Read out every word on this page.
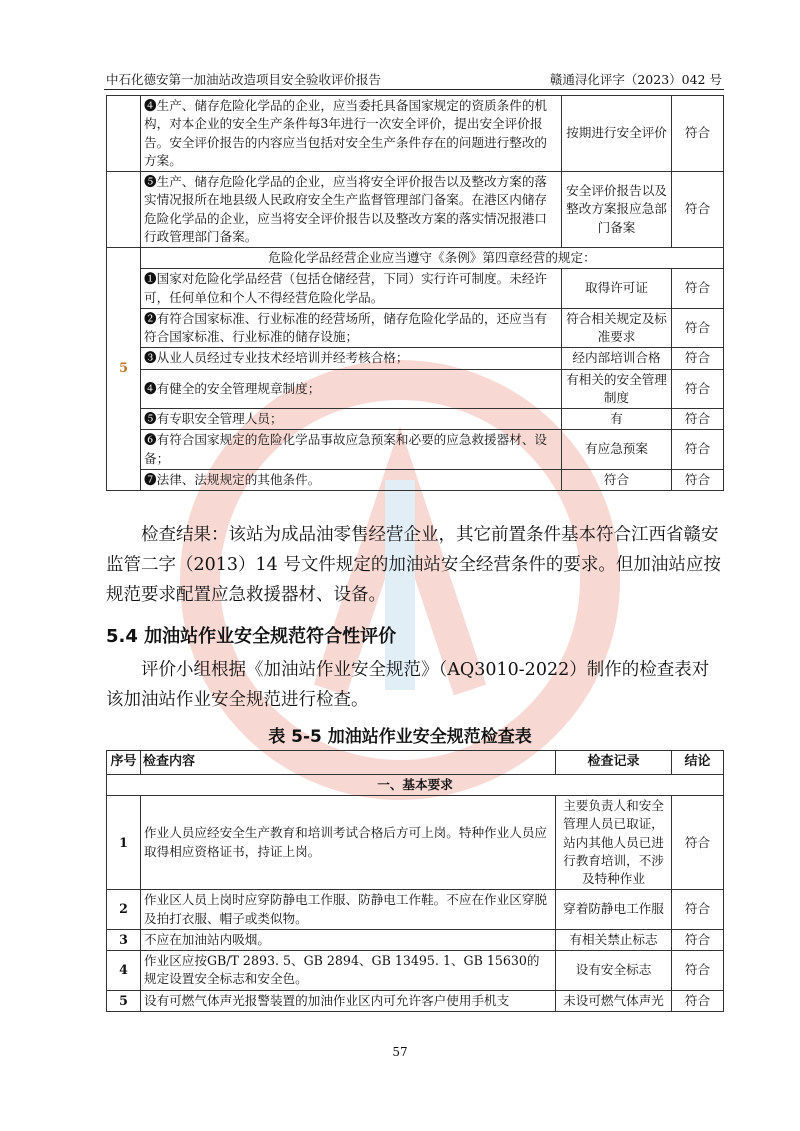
中石化德安第一加油站改造项目安全验收评价报告	赣通浔化评字（2023）042 号
	❹生产、储存危险化学品的企业，应当委托具备国家规定的资质条件的机构，对本企业的安全生产条件每3年进行一次安全评价，提出安全评价报告。安全评价报告的内容应当包括对安全生产条件存在的问题进行整改的方案。	按期进行安全评价	符合
	❺生产、储存危险化学品的企业，应当将安全评价报告以及整改方案的落实情况报所在地县级人民政府安全生产监督管理部门备案。在港区内储存危险化学品的企业，应当将安全评价报告以及整改方案的落实情况报港口行政管理部门备案。	安全评价报告以及整改方案报应急部门备案	符合
5	危险化学品经营企业应当遵守《条例》第四章经营的规定：		
	❶国家对危险化学品经营（包括仓储经营，下同）实行许可制度。未经许可，任何单位和个人不得经营危险化学品。	取得许可证	符合
	❷有符合国家标准、行业标准的经营场所，储存危险化学品的，还应当有符合国家标准、行业标准的储存设施；	符合相关规定及标准要求	符合
	❸从业人员经过专业技术经培训并经考核合格；	经内部培训合格	符合
	❹有健全的安全管理规章制度；	有相关的安全管理制度	符合
	❺有专职安全管理人员；	有	符合
	❻有符合国家规定的危险化学品事故应急预案和必要的应急救援器材、设备；	有应急预案	符合
	❼法律、法规规定的其他条件。	符合	符合
检查结果：该站为成品油零售经营企业，其它前置条件基本符合江西省赣安监管二字（2013）14 号文件规定的加油站安全经营条件的要求。但加油站应按规范要求配置应急救援器材、设备。
5.4 加油站作业安全规范符合性评价
评价小组根据《加油站作业安全规范》（AQ3010-2022）制作的检查表对该加油站作业安全规范进行检查。
表 5-5 加油站作业安全规范检查表
序号	检查内容	检查记录	结论
一、基本要求			
1	作业人员应经安全生产教育和培训考试合格后方可上岗。特种作业人员应取得相应资格证书，持证上岗。	主要负责人和安全管理人员已取证，站内其他人员已进行教育培训，不涉及特种作业	符合
2	作业区人员上岗时应穿防静电工作服、防静电工作鞋。不应在作业区穿脱及拍打衣服、帽子或类似物。	穿着防静电工作服	符合
3	不应在加油站内吸烟。	有相关禁止标志	符合
4	作业区应按GB/T 2893. 5、GB 2894、GB 13495. 1、GB 15630的规定设置安全标志和安全色。	设有安全标志	符合
5	设有可燃气体声光报警装置的加油作业区内可允许客户使用手机支	未设可燃气体声光	符合
57
